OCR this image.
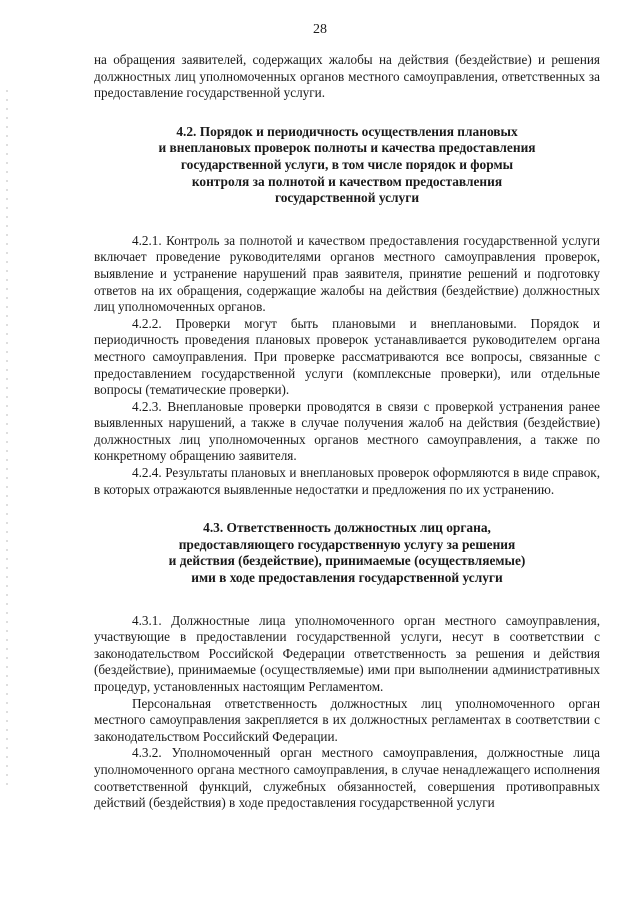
28

на обращения заявителей, содержащих жалобы на действия (бездействие) и решения должностных лиц уполномоченных органов местного самоуправления, ответственных за предоставление государственной услуги.

4.2. Порядок и периодичность осуществления плановых
и внеплановых проверок полноты и качества предоставления
государственной услуги, в том числе порядок и формы
контроля за полнотой и качеством предоставления
государственной услуги

4.2.1. Контроль за полнотой и качеством предоставления государственной услуги включает проведение руководителями органов местного самоуправления проверок, выявление и устранение нарушений прав заявителя, принятие решений и подготовку ответов на их обращения, содержащие жалобы на действия (бездействие) должностных лиц уполномоченных органов.

4.2.2. Проверки могут быть плановыми и внеплановыми. Порядок и периодичность проведения плановых проверок устанавливается руководителем органа местного самоуправления. При проверке рассматриваются все вопросы, связанные с предоставлением государственной услуги (комплексные проверки), или отдельные вопросы (тематические проверки).

4.2.3. Внеплановые проверки проводятся в связи с проверкой устранения ранее выявленных нарушений, а также в случае получения жалоб на действия (бездействие) должностных лиц уполномоченных органов местного самоуправления, а также по конкретному обращению заявителя.

4.2.4. Результаты плановых и внеплановых проверок оформляются в виде справок, в которых отражаются выявленные недостатки и предложения по их устранению.

4.3. Ответственность должностных лиц органа,
предоставляющего государственную услугу за решения
и действия (бездействие), принимаемые (осуществляемые)
ими в ходе предоставления государственной услуги

4.3.1. Должностные лица уполномоченного орган местного самоуправления, участвующие в предоставлении государственной услуги, несут в соответствии с законодательством Российской Федерации ответственность за решения и действия (бездействие), принимаемые (осуществляемые) ими при выполнении административных процедур, установленных настоящим Регламентом.

Персональная ответственность должностных лиц уполномоченного орган местного самоуправления закрепляется в их должностных регламентах в соответствии с законодательством Российский Федерации.

4.3.2. Уполномоченный орган местного самоуправления, должностные лица уполномоченного органа местного самоуправления, в случае ненадлежащего исполнения соответственной функций, служебных обязанностей, совершения противоправных действий (бездействия) в ходе предоставления государственной услуги
